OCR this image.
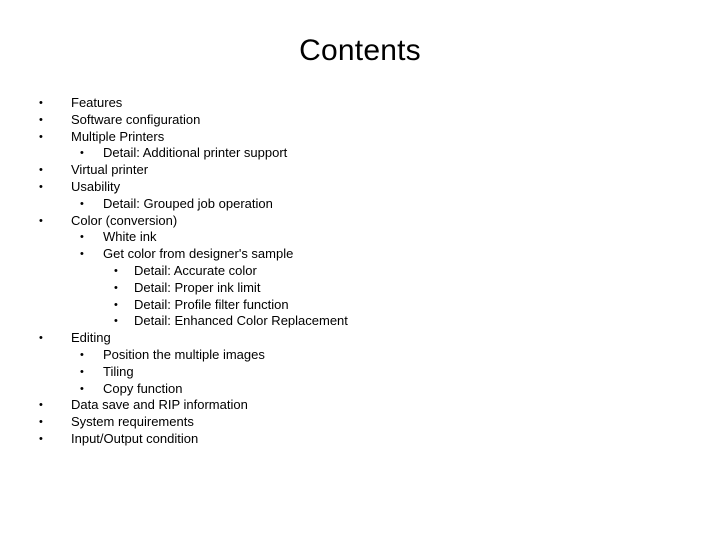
Contents
• Features
• Software configuration
• Multiple Printers
• Detail: Additional printer support
• Virtual printer
• Usability
• Detail: Grouped job operation
• Color (conversion)
• White ink
• Get color from designer's sample
• Detail: Accurate color
• Detail: Proper ink limit
• Detail: Profile filter function
• Detail: Enhanced Color Replacement
• Editing
• Position the multiple images
• Tiling
• Copy function
• Data save and RIP information
• System requirements
• Input/Output condition
